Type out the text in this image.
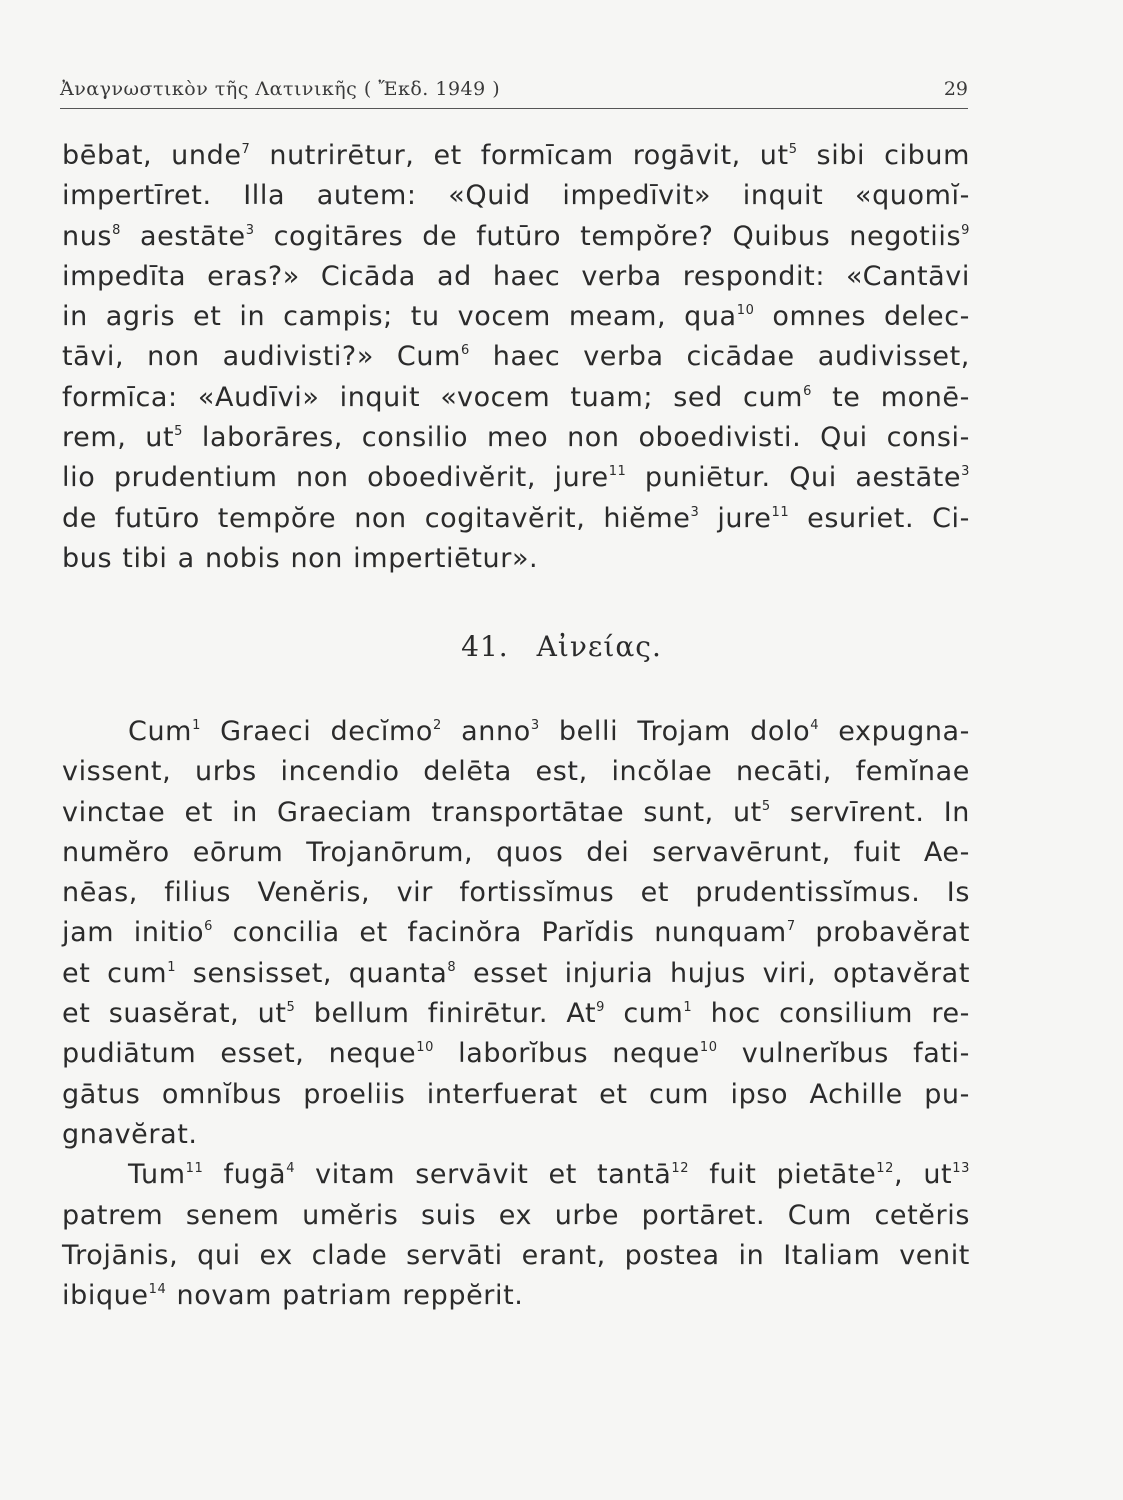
Ἀναγνωστικὸν τῆς Λατινικῆς ( Ἔκδ. 1949 )	29
bēbat, unde$^7$ nutrirētur, et formīcam rogāvit, $ut^5$ sibi cibum
impertīret. Illa autem: «Quid impedīvit» inquit «quomĭ-
nus$^8$ aestāte$^3$ cogitāres de futūro tempŏre? Quibus negotiis$^9$
impedīta eras?» Cicāda ad haec verba respondit: «Cantāvi
in agris et in campis; tu vocem meam, qua$^{10}$ omnes delec-
tāvi, non audivisti?» Cum$^6$ haec verba cicādae audivisset,
formīca: «Audīvi» inquit «vocem tuam; sed cum$^6$ te monē-
rem, $ut^5$ laborāres, consilio meo non oboedivisti. Qui consi-
lio prudentium non oboedivĕrit, jure$^{11}$ puniētur. Qui aestāte$^3$
de futūro tempŏre non cogitavĕrit, hiĕme$^3$ jure$^{11}$ esuriet. Ci-
bus tibi a nobis non impertiētur».
41. Αἰνείας.
Cum$^1$ Graeci decĭmo$^2$ anno$^3$ belli Trojam dolo$^4$ expugna-
vissent, urbs incendio delēta est, incŏlae necāti, femĭnae
vinctae et in Graeciam transportātae sunt, $ut^5$ servīrent. In
numĕro eōrum Trojanōrum, quos dei servavērunt, fuit Ae-
nēas, filius Venĕris, vir fortissĭmus et prudentissĭmus. Is
jam initio$^6$ concilia et facinŏra Parĭdis nunquam$^7$ probavĕrat
et cum$^1$ sensisset, quanta$^8$ esset injuria hujus viri, optavĕrat
et suasĕrat, $ut^5$ bellum finirētur. At$^9$ cum$^1$ hoc consilium re-
pudiātum esset, neque$^{10}$ laborĭbus neque$^{10}$ vulnerĭbus fati-
gātus omnĭbus proeliis interfuerat et cum ipso Achille pu-
gnavĕrat.
Tum$^{11}$ fugā$^4$ vitam servāvit et tantā$^{12}$ fuit pietāte$^{12}$, $ut^{13}$
patrem senem umĕris suis ex urbe portāret. Cum cetĕris
Trojānis, qui ex clade servāti erant, postea in Italiam venit
ibique$^{14}$ novam patriam reppĕrit.
